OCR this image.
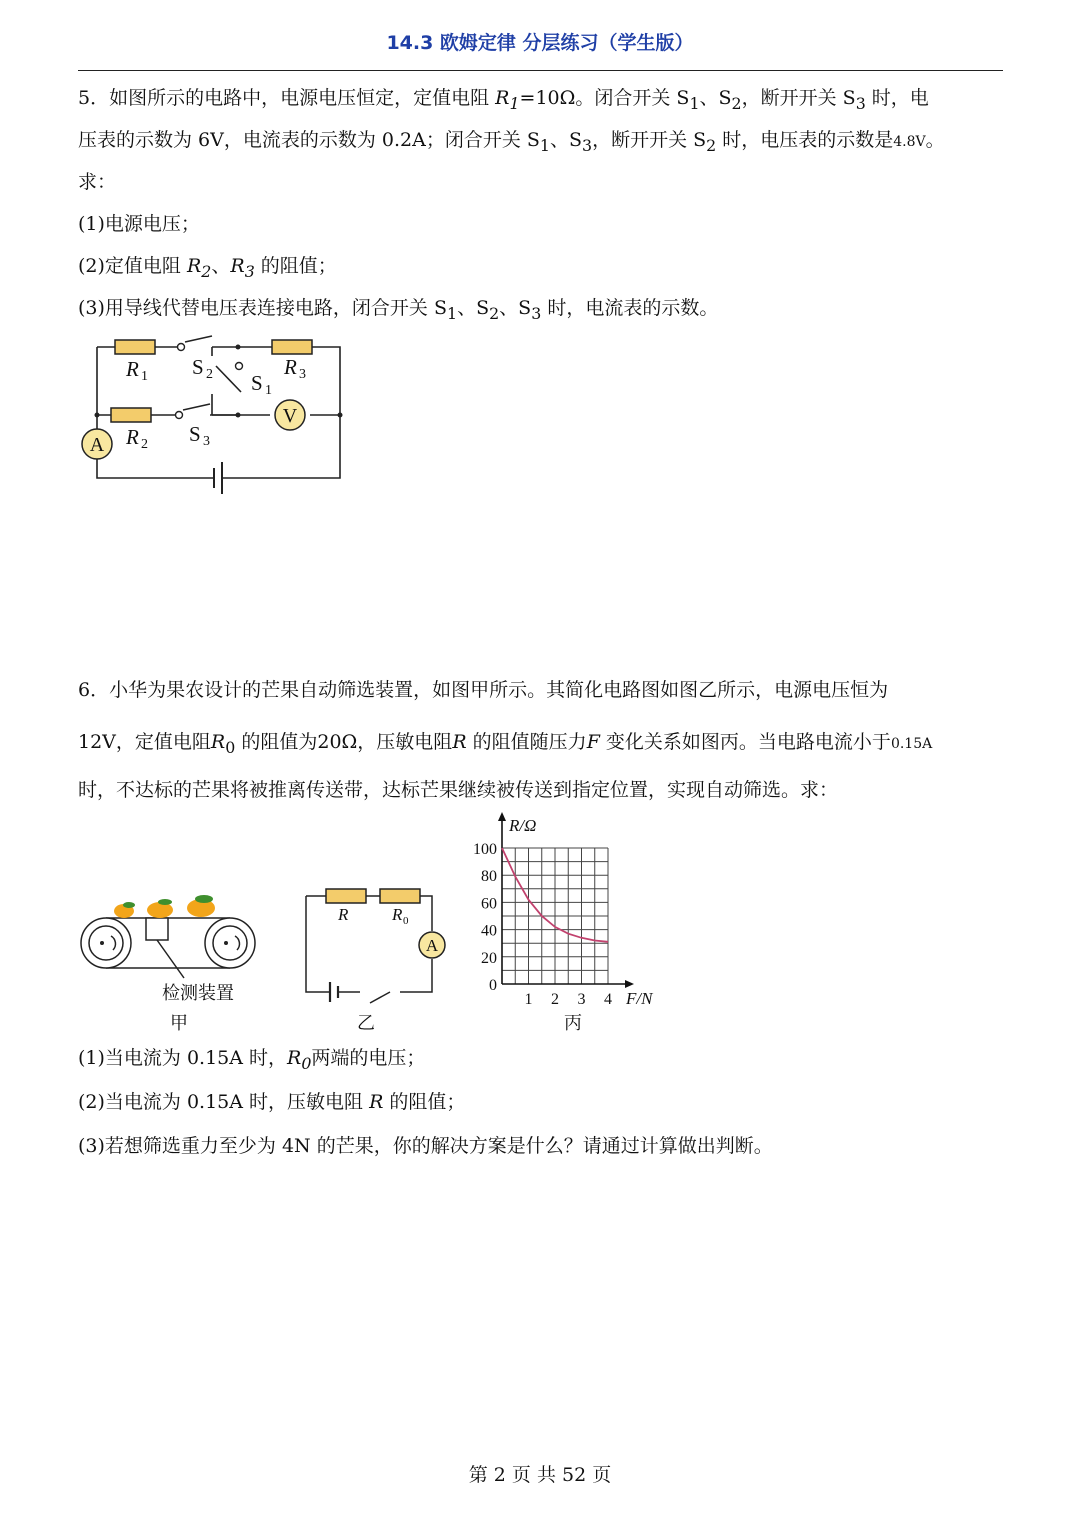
14.3 欧姆定律 分层练习（学生版）
5．如图所示的电路中，电源电压恒定，定值电阻 $R_1=10\Omega$。闭合开关 $S_1$、$S_2$，断开开关 $S_3$ 时，电
压表的示数为 6V，电流表的示数为 0.2A；闭合开关 $S_1$、$S_3$，断开开关 $S_2$ 时，电压表的示数是4.8V。
求：
(1)电源电压；
(2)定值电阻 $R_2$、$R_3$ 的阻值；
(3)用导线代替电压表连接电路，闭合开关 $S_1$、$S_2$、$S_3$ 时，电流表的示数。
V
A
R 1 S 2	R 3
S 1
R 2 S 3
6．小华为果农设计的芒果自动筛选装置，如图甲所示。其简化电路图如图乙所示，电源电压恒为
12V，定值电阻$R_0$ 的阻值为20Ω，压敏电阻R 的阻值随压力F 变化关系如图丙。当电路电流小于0.15A
时，不达标的芒果将被推离传送带，达标芒果继续被传送到指定位置，实现自动筛选。求：
检测装置
甲
A
R	R 0
乙
100
80
60
40
20
0
1 2 3 4
R/Ω
F/N
丙
(1)当电流为 0.15A 时，$R_0$两端的电压；
(2)当电流为 0.15A 时，压敏电阻 R 的阻值；
(3)若想筛选重力至少为 4N 的芒果，你的解决方案是什么？请通过计算做出判断。
第 2 页 共 52 页
